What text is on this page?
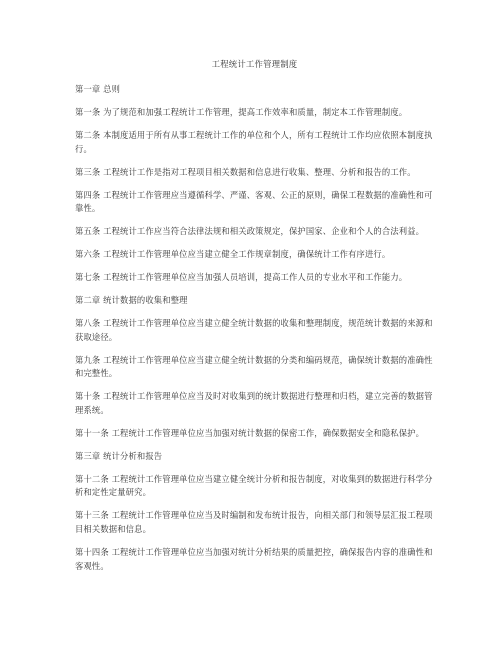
工程统计工作管理制度
第一章 总则
第一条 为了规范和加强工程统计工作管理，提高工作效率和质量，制定本工作管理制度。
第二条 本制度适用于所有从事工程统计工作的单位和个人，所有工程统计工作均应依照本制度执行。
第三条 工程统计工作是指对工程项目相关数据和信息进行收集、整理、分析和报告的工作。
第四条 工程统计工作管理应当遵循科学、严谨、客观、公正的原则，确保工程数据的准确性和可靠性。
第五条 工程统计工作应当符合法律法规和相关政策规定，保护国家、企业和个人的合法利益。
第六条 工程统计工作管理单位应当建立健全工作规章制度，确保统计工作有序进行。
第七条 工程统计工作管理单位应当加强人员培训，提高工作人员的专业水平和工作能力。
第二章 统计数据的收集和整理
第八条 工程统计工作管理单位应当建立健全统计数据的收集和整理制度，规范统计数据的来源和获取途径。
第九条 工程统计工作管理单位应当建立健全统计数据的分类和编码规范，确保统计数据的准确性和完整性。
第十条 工程统计工作管理单位应当及时对收集到的统计数据进行整理和归档，建立完善的数据管理系统。
第十一条 工程统计工作管理单位应当加强对统计数据的保密工作，确保数据安全和隐私保护。
第三章 统计分析和报告
第十二条 工程统计工作管理单位应当建立健全统计分析和报告制度，对收集到的数据进行科学分析和定性定量研究。
第十三条 工程统计工作管理单位应当及时编制和发布统计报告，向相关部门和领导层汇报工程项目相关数据和信息。
第十四条 工程统计工作管理单位应当加强对统计分析结果的质量把控，确保报告内容的准确性和客观性。
